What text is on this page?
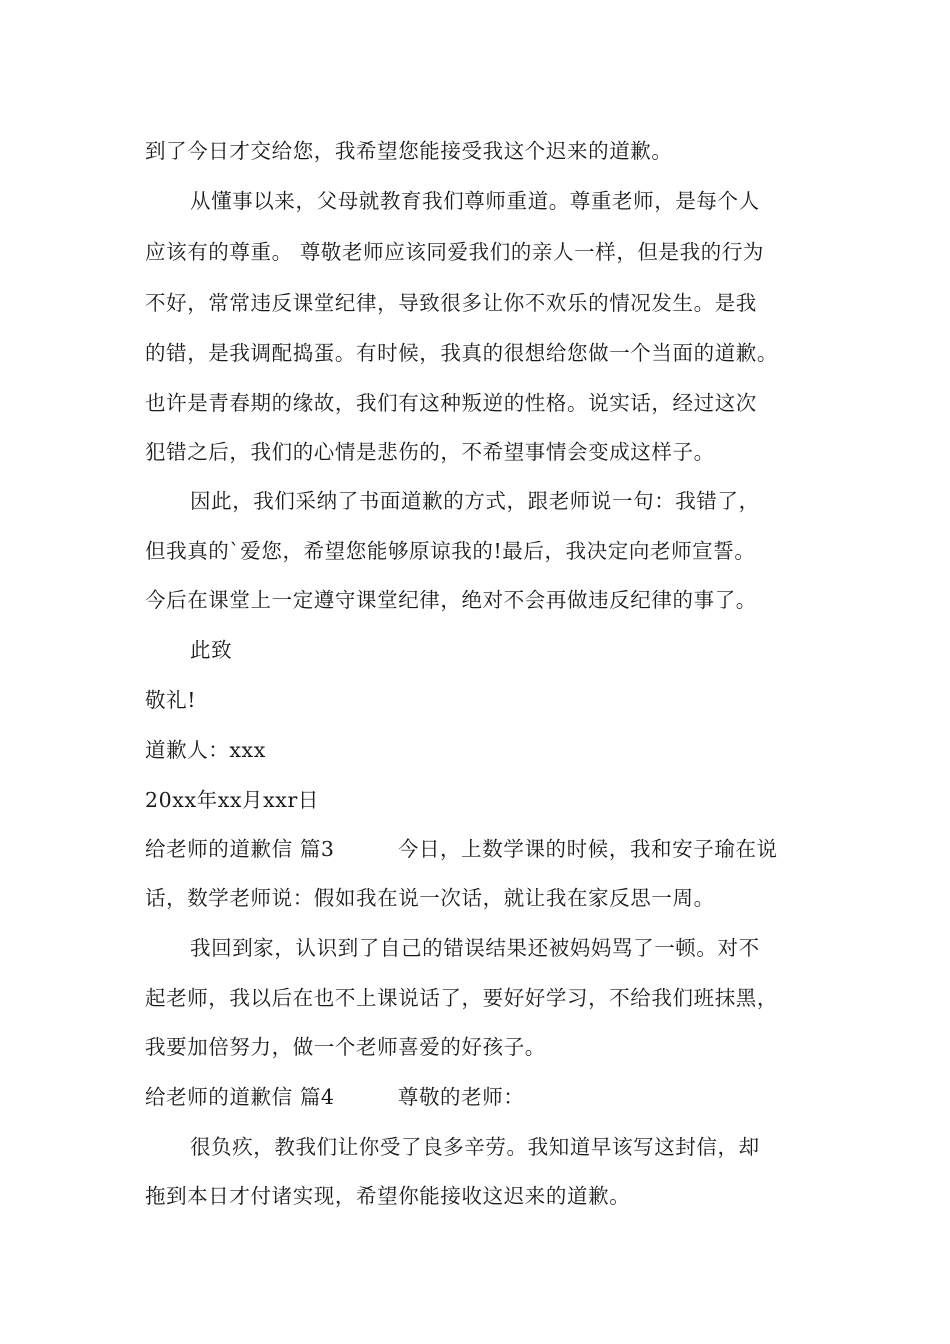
到了今日才交给您，我希望您能接受我这个迟来的道歉。
从懂事以来，父母就教育我们尊师重道。尊重老师，是每个人
应该有的尊重。 尊敬老师应该同爱我们的亲人一样，但是我的行为
不好，常常违反课堂纪律，导致很多让你不欢乐的情况发生。是我
的错，是我调配捣蛋。有时候，我真的很想给您做一个当面的道歉。
也许是青春期的缘故，我们有这种叛逆的性格。说实话，经过这次
犯错之后，我们的心情是悲伤的，不希望事情会变成这样子。
因此，我们采纳了书面道歉的方式，跟老师说一句：我错了，
但我真的`爱您，希望您能够原谅我的!最后，我决定向老师宣誓。
今后在课堂上一定遵守课堂纪律，绝对不会再做违反纪律的事了。
此致
敬礼!
道歉人：xxx
20xx年xx月xxr日
给老师的道歉信 篇3　　　今日，上数学课的时候，我和安子瑜在说
话，数学老师说：假如我在说一次话，就让我在家反思一周。
我回到家，认识到了自己的错误结果还被妈妈骂了一顿。对不
起老师，我以后在也不上课说话了，要好好学习，不给我们班抹黑，
我要加倍努力，做一个老师喜爱的好孩子。
给老师的道歉信 篇4　　　尊敬的老师：
很负疚，教我们让你受了良多辛劳。我知道早该写这封信，却
拖到本日才付诸实现，希望你能接收这迟来的道歉。
